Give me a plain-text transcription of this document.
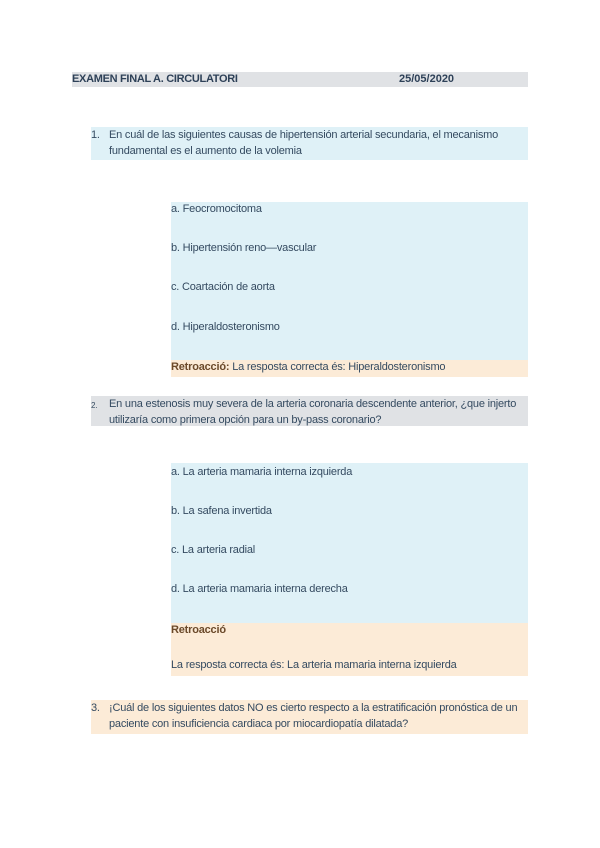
EXAMEN FINAL A. CIRCULATORI	25/05/2020
1. En cuál de las siguientes causas de hipertensión arterial secundaria, el mecanismo fundamental es el aumento de la volemia
a. Feocromocitoma
b. Hipertensión reno—vascular
c. Coartación de aorta
d. Hiperaldosteronismo
Retroacció: La resposta correcta és: Hiperaldosteronismo
2. En una estenosis muy severa de la arteria coronaria descendente anterior, ¿que injerto utilizaría como primera opción para un by-pass coronario?
a. La arteria mamaria interna izquierda
b. La safena invertida
c. La arteria radial
d. La arteria mamaria interna derecha
Retroacció
La resposta correcta és: La arteria mamaria interna izquierda
3. ¡Cuál de los siguientes datos NO es cierto respecto a la estratificación pronóstica de un paciente con insuficiencia cardiaca por miocardiopatía dilatada?
